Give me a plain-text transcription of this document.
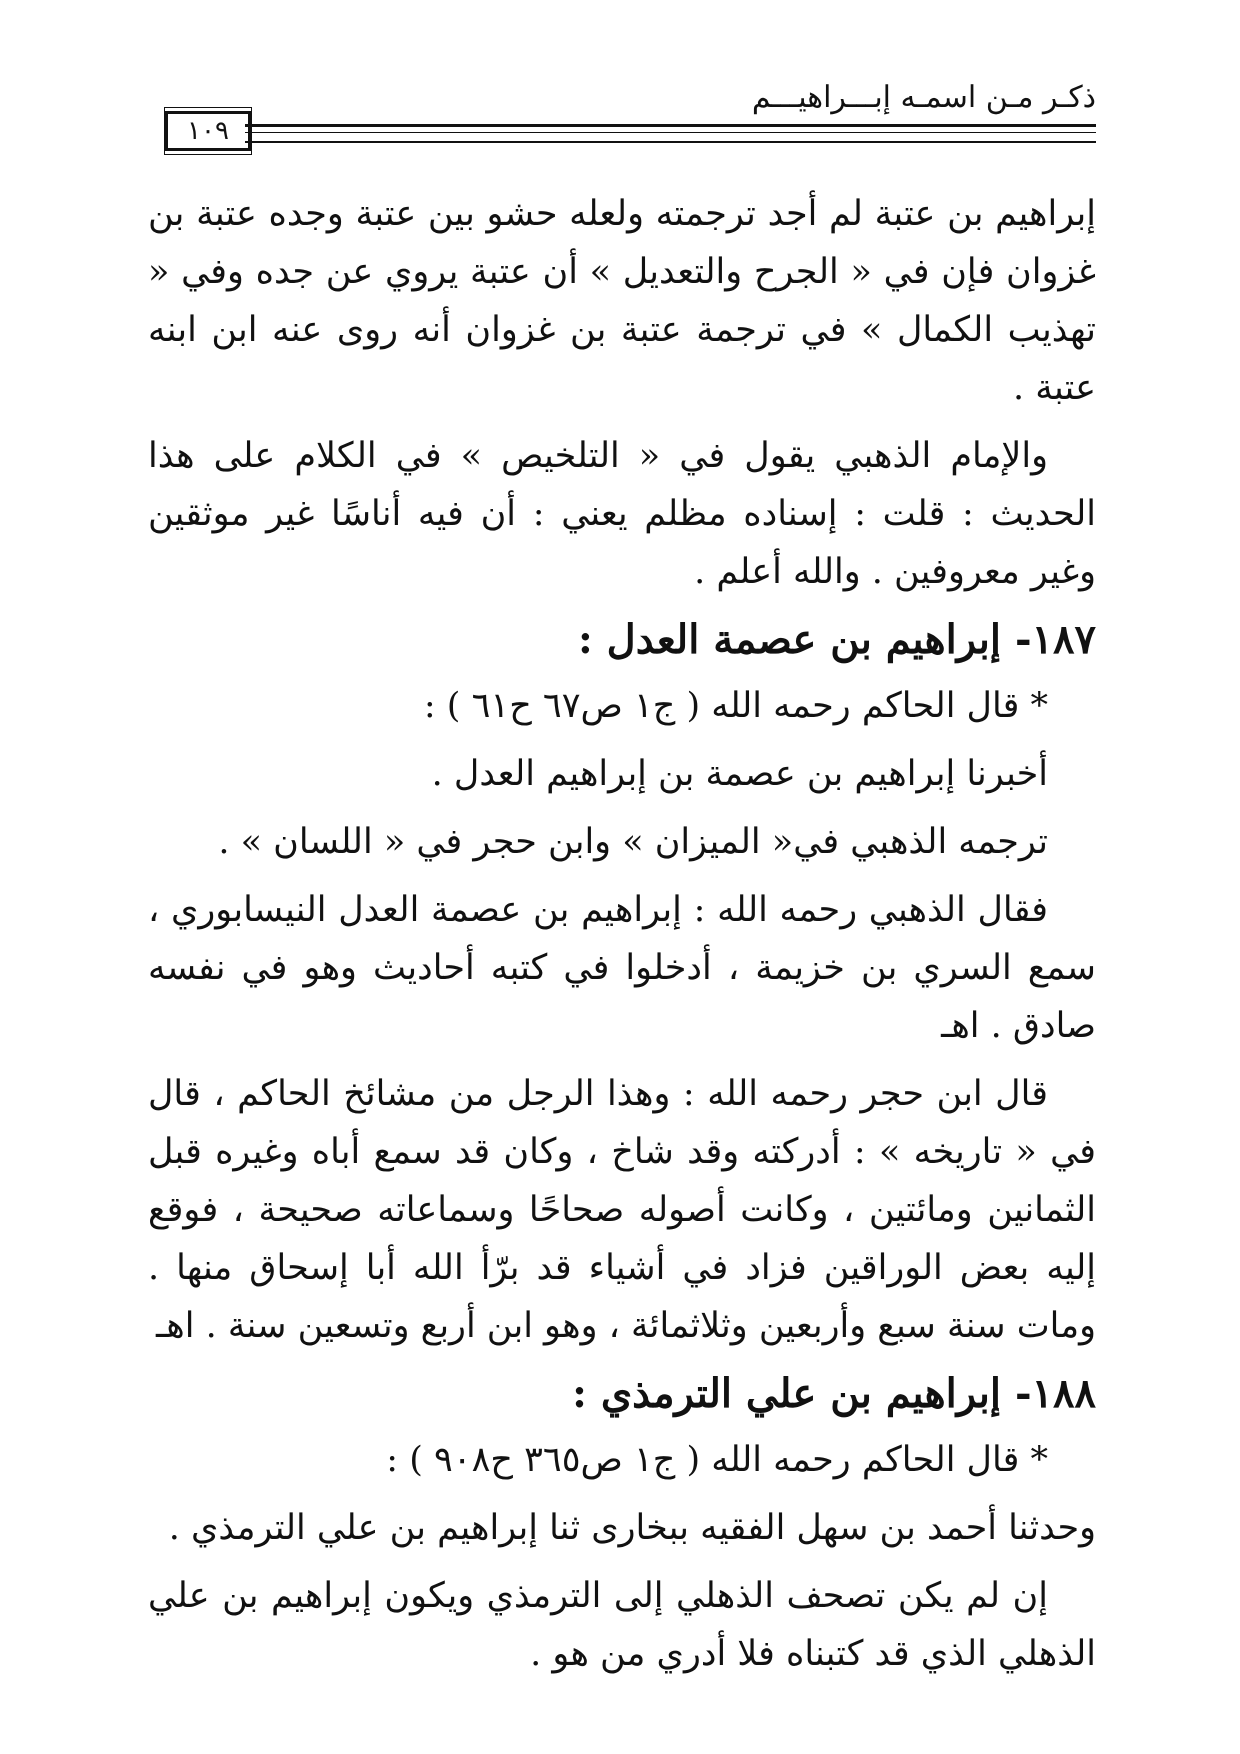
ذكـر مـن اسمـه إبـــراهيـــم
١٠٩

إبراهيم بن عتبة لم أجد ترجمته ولعله حشو بين عتبة وجده عتبة بن غزوان فإن في « الجرح والتعديل » أن عتبة يروي عن جده وفي « تهذيب الكمال » في ترجمة عتبة بن غزوان أنه روى عنه ابن ابنه عتبة .

والإمام الذهبي يقول في « التلخيص » في الكلام على هذا الحديث : قلت : إسناده مظلم يعني : أن فيه أناسًا غير موثقين وغير معروفين . والله أعلم .

١٨٧- إبراهيم بن عصمة العدل :

* قال الحاكم رحمه الله ( ج١ ص٦٧ ح٦١ ) :

أخبرنا إبراهيم بن عصمة بن إبراهيم العدل .

ترجمه الذهبي في« الميزان » وابن حجر في « اللسان » .

فقال الذهبي رحمه الله : إبراهيم بن عصمة العدل النيسابوري ، سمع السري بن خزيمة ، أدخلوا في كتبه أحاديث وهو في نفسه صادق . اهـ

قال ابن حجر رحمه الله : وهذا الرجل من مشائخ الحاكم ، قال في « تاريخه » : أدركته وقد شاخ ، وكان قد سمع أباه وغيره قبل الثمانين ومائتين ، وكانت أصوله صحاحًا وسماعاته صحيحة ، فوقع إليه بعض الوراقين فزاد في أشياء قد برّأ الله أبا إسحاق منها . ومات سنة سبع وأربعين وثلاثمائة ، وهو ابن أربع وتسعين سنة . اهـ

١٨٨- إبراهيم بن علي الترمذي :

* قال الحاكم رحمه الله ( ج١ ص٣٦٥ ح٩٠٨ ) :

وحدثنا أحمد بن سهل الفقيه ببخارى ثنا إبراهيم بن علي الترمذي .

إن لم يكن تصحف الذهلي إلى الترمذي ويكون إبراهيم بن علي الذهلي الذي قد كتبناه فلا أدري من هو .
